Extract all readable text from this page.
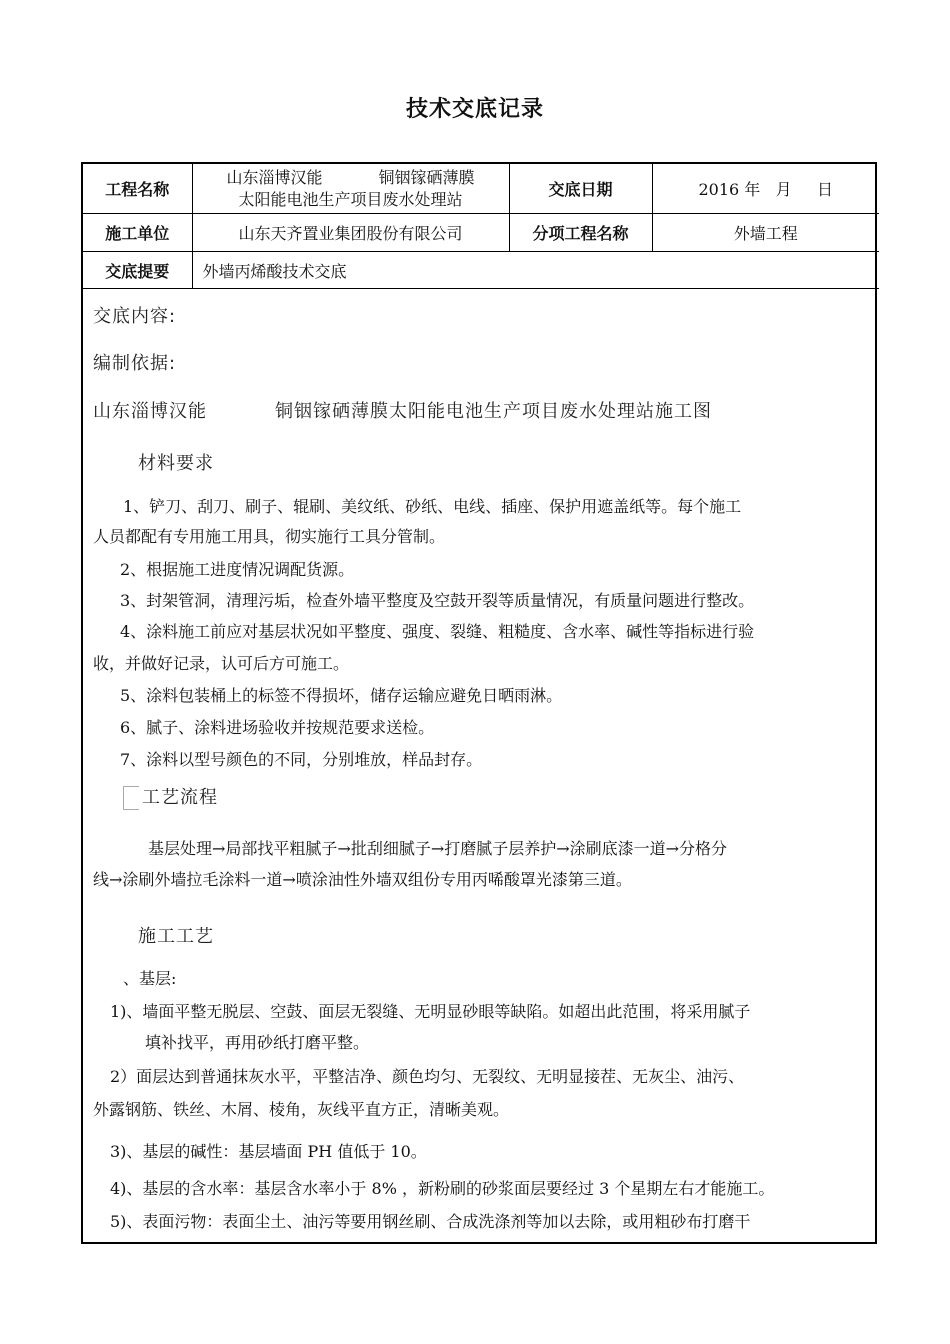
技术交底记录
工程名称	山东淄博汉能 铜铟镓硒薄膜
太阳能电池生产项目废水处理站	交底日期	2016 年   月     日
施工单位	山东天齐置业集团股份有限公司	分项工程名称	外墙工程
交底提要	外墙丙烯酸技术交底		
交底内容:
编制依据:
山东淄博汉能	铜铟镓硒薄膜太阳能电池生产项目废水处理站施工图
材料要求
1、铲刀、刮刀、刷子、辊刷、美纹纸、砂纸、电线、插座、保护用遮盖纸等。每个施工
人员都配有专用施工用具，彻实施行工具分管制。
2、根据施工进度情况调配货源。
3、封架管洞，清理污垢，检查外墙平整度及空鼓开裂等质量情况，有质量问题进行整改。
4、涂料施工前应对基层状况如平整度、强度、裂缝、粗糙度、含水率、碱性等指标进行验
收，并做好记录，认可后方可施工。
5、涂料包装桶上的标签不得损坏，储存运输应避免日晒雨淋。
6、腻子、涂料进场验收并按规范要求送检。
7、涂料以型号颜色的不同，分别堆放，样品封存。
工艺流程
基层处理→局部找平粗腻子→批刮细腻子→打磨腻子层养护→涂刷底漆一道→分格分
线→涂刷外墙拉毛涂料一道→喷涂油性外墙双组份专用丙唏酸罩光漆第三道。
施工工艺
、基层:
1)、墙面平整无脱层、空鼓、面层无裂缝、无明显砂眼等缺陷。如超出此范围，将采用腻子
填补找平，再用砂纸打磨平整。
2）面层达到普通抹灰水平，平整洁净、颜色均匀、无裂纹、无明显接茬、无灰尘、油污、
外露钢筋、铁丝、木屑、棱角，灰线平直方正，清晰美观。
3)、基层的碱性：基层墙面 PH 值低于 10。
4)、基层的含水率：基层含水率小于 8% ，新粉刷的砂浆面层要经过 3 个星期左右才能施工。
5)、表面污物：表面尘土、油污等要用钢丝刷、合成洗涤剂等加以去除，或用粗砂布打磨干
